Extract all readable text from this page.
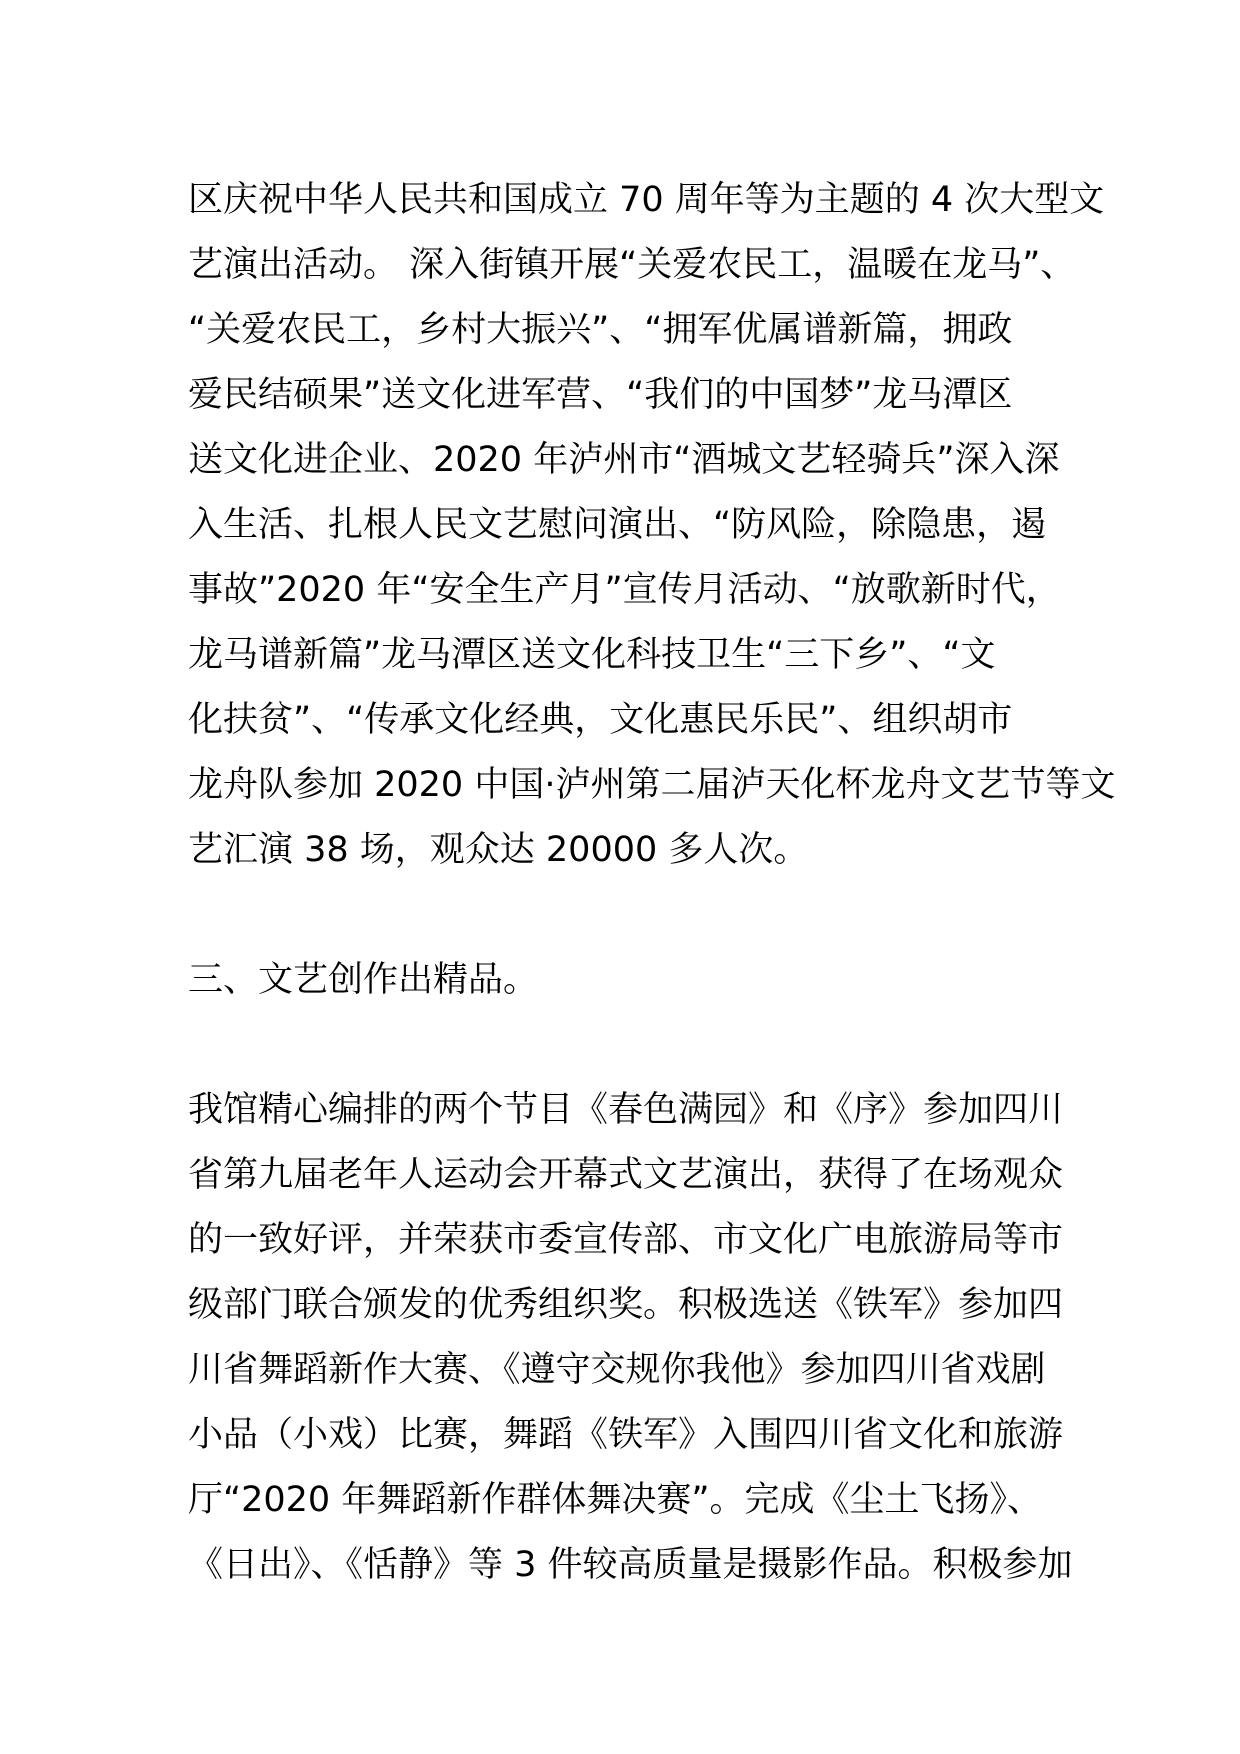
区庆祝中华人民共和国成立 70 周年等为主题的 4 次大型文
艺演出活动。 深入街镇开展“关爱农民工，温暖在龙马”、
“关爱农民工，乡村大振兴”、“拥军优属谱新篇，拥政
爱民结硕果”送文化进军营、“我们的中国梦”龙马潭区
送文化进企业、2020 年泸州市“酒城文艺轻骑兵”深入深
入生活、扎根人民文艺慰问演出、“防风险，除隐患，遏
事故”2020 年“安全生产月”宣传月活动、“放歌新时代，
龙马谱新篇”龙马潭区送文化科技卫生“三下乡”、“文
化扶贫”、“传承文化经典，文化惠民乐民”、组织胡市
龙舟队参加 2020 中国·泸州第二届泸天化杯龙舟文艺节等文
艺汇演 38 场，观众达 20000 多人次。
三、文艺创作出精品。
我馆精心编排的两个节目《春色满园》和《序》参加四川
省第九届老年人运动会开幕式文艺演出，获得了在场观众
的一致好评，并荣获市委宣传部、市文化广电旅游局等市
级部门联合颁发的优秀组织奖。积极选送《铁军》参加四
川省舞蹈新作大赛、《遵守交规你我他》参加四川省戏剧
小品（小戏）比赛，舞蹈《铁军》入围四川省文化和旅游
厅“2020 年舞蹈新作群体舞决赛”。完成《尘土飞扬》、
《日出》、《恬静》等 3 件较高质量是摄影作品。积极参加
